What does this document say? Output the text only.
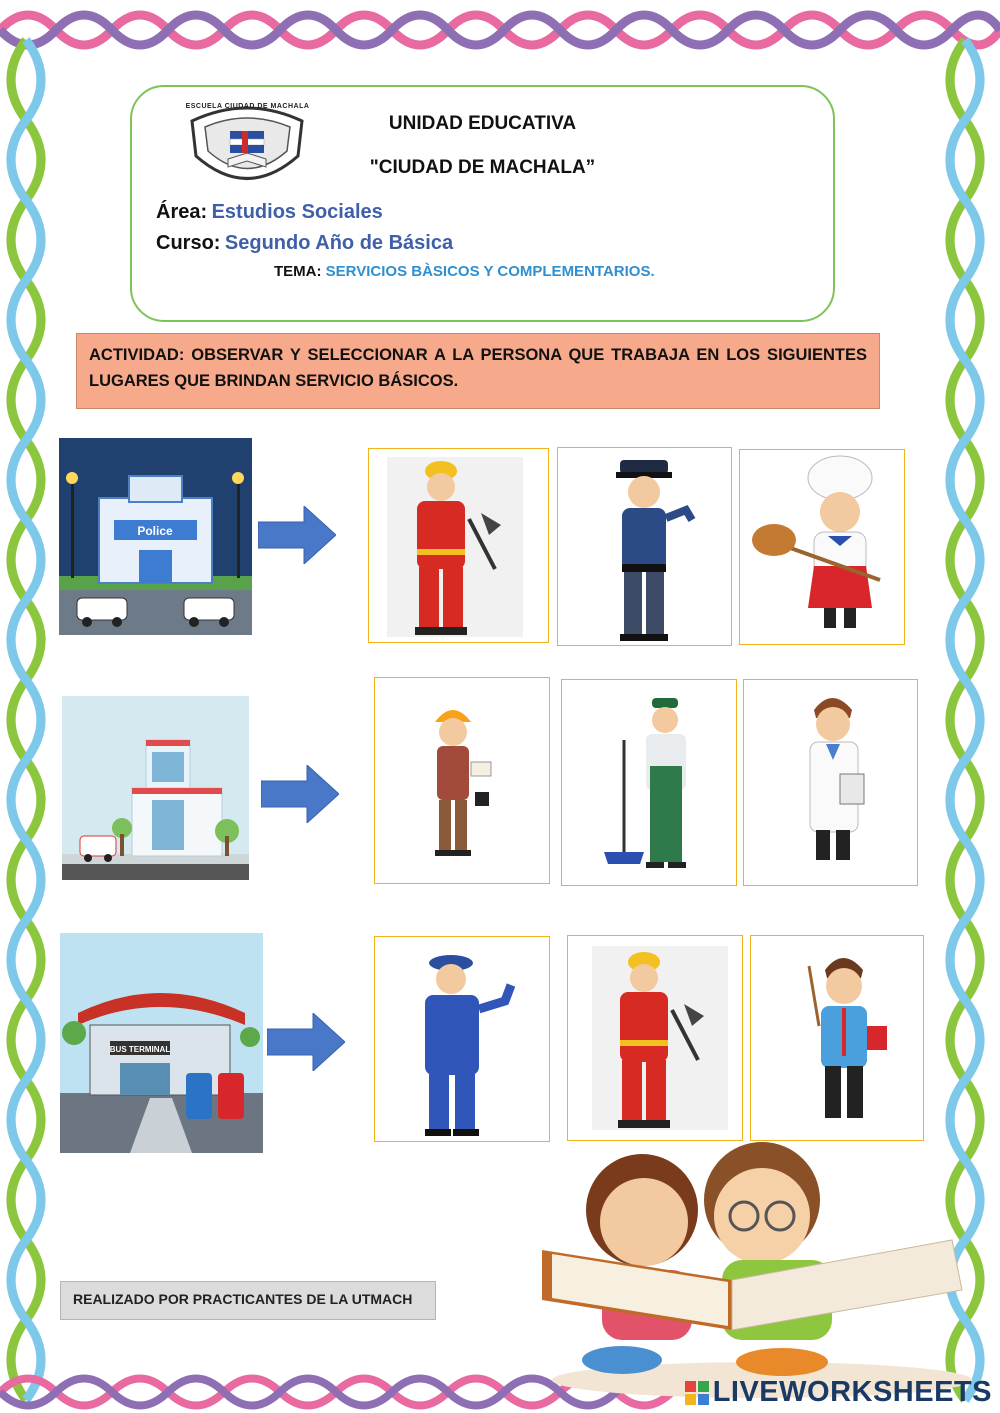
ESCUELA CIUDAD DE MACHALA
UNIDAD EDUCATIVA
"CIUDAD DE MACHALA”
Área: Estudios Sociales
Curso: Segundo Año de Básica
TEMA: SERVICIOS BÀSICOS Y COMPLEMENTARIOS.
ACTIVIDAD: OBSERVAR Y SELECCIONAR A LA PERSONA QUE TRABAJA EN LOS SIGUIENTES LUGARES QUE BRINDAN SERVICIO BÁSICOS.
Police
BUS TERMINAL
REALIZADO POR PRACTICANTES DE LA UTMACH
LIVEWORKSHEETS
